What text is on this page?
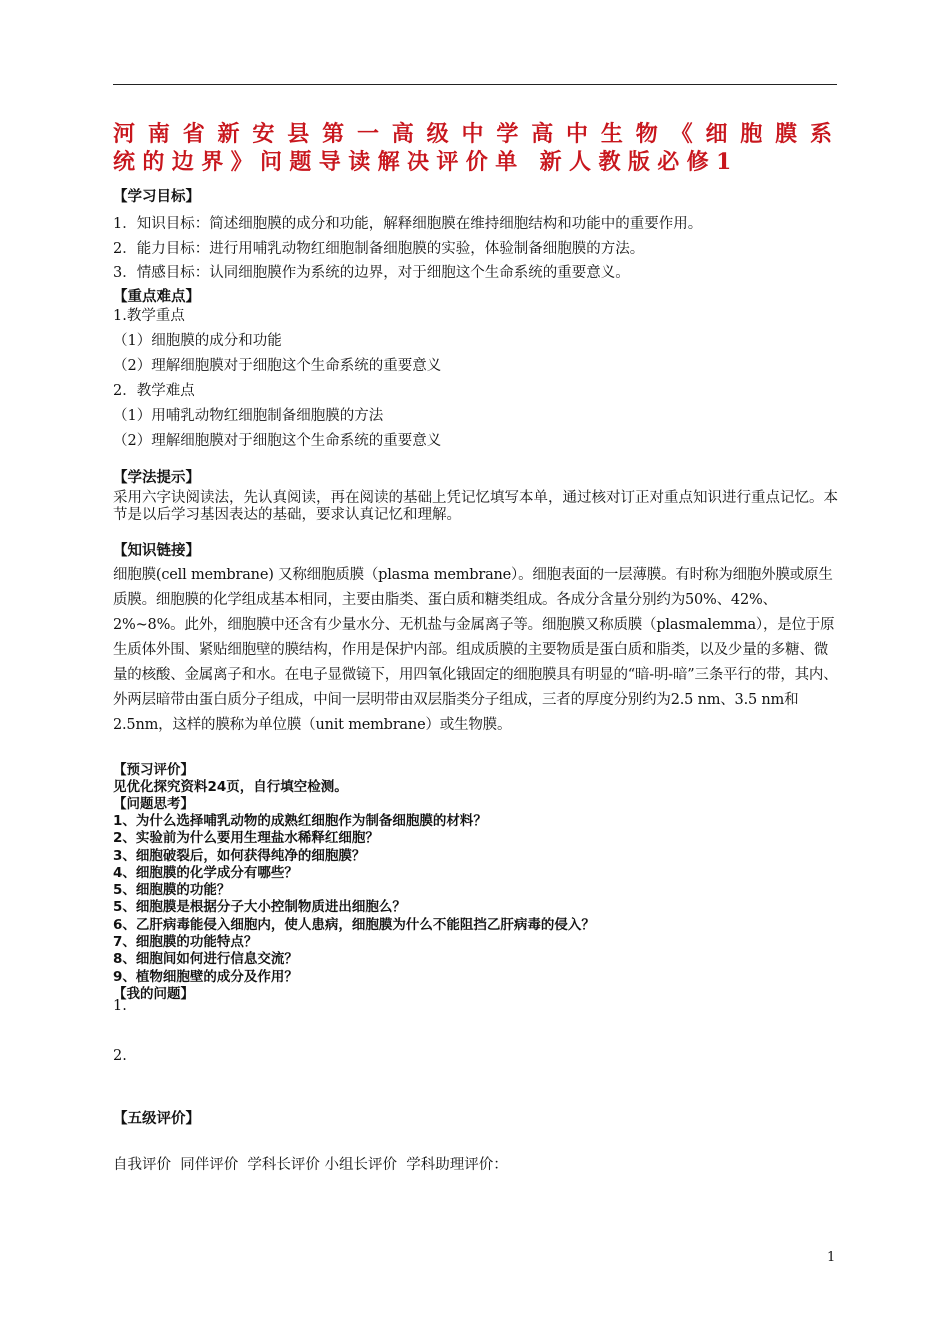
河南省新安县第一高级中学高中生物《细胞膜系
统的边界》问题导读解决评价单 新人教版必修1
【学习目标】
1．知识目标：简述细胞膜的成分和功能，解释细胞膜在维持细胞结构和功能中的重要作用。
2．能力目标：进行用哺乳动物红细胞制备细胞膜的实验，体验制备细胞膜的方法。
3．情感目标：认同细胞膜作为系统的边界，对于细胞这个生命系统的重要意义。
【重点难点】
1.教学重点
（1）细胞膜的成分和功能
（2）理解细胞膜对于细胞这个生命系统的重要意义
2．教学难点
（1）用哺乳动物红细胞制备细胞膜的方法
（2）理解细胞膜对于细胞这个生命系统的重要意义
【学法提示】
采用六字诀阅读法，先认真阅读，再在阅读的基础上凭记忆填写本单，通过核对订正对重点知识进行重点记忆。本节是以后学习基因表达的基础，要求认真记忆和理解。
【知识链接】
细胞膜(cell membrane) 又称细胞质膜（plasma membrane）。细胞表面的一层薄膜。有时称为细胞外膜或原生质膜。细胞膜的化学组成基本相同，主要由脂类、蛋白质和糖类组成。各成分含量分别约为50%、42%、2%~8%。此外，细胞膜中还含有少量水分、无机盐与金属离子等。细胞膜又称质膜（plasmalemma），是位于原生质体外围、紧贴细胞壁的膜结构，作用是保护内部。组成质膜的主要物质是蛋白质和脂类，以及少量的多糖、微量的核酸、金属离子和水。在电子显微镜下，用四氧化锇固定的细胞膜具有明显的“暗-明-暗”三条平行的带，其内、外两层暗带由蛋白质分子组成，中间一层明带由双层脂类分子组成，三者的厚度分别约为2.5 nm、3.5 nm和2.5nm，这样的膜称为单位膜（unit membrane）或生物膜。
【预习评价】
见优化探究资料24页，自行填空检测。
【问题思考】
1、为什么选择哺乳动物的成熟红细胞作为制备细胞膜的材料？
2、实验前为什么要用生理盐水稀释红细胞？
3、细胞破裂后，如何获得纯净的细胞膜？
4、细胞膜的化学成分有哪些？
5、细胞膜的功能？
5、细胞膜是根据分子大小控制物质进出细胞么？
6、乙肝病毒能侵入细胞内，使人患病，细胞膜为什么不能阻挡乙肝病毒的侵入？
7、细胞膜的功能特点？
8、细胞间如何进行信息交流？
9、植物细胞壁的成分及作用？
【我的问题】
1.
2.
【五级评价】
自我评价  同伴评价  学科长评价 小组长评价  学科助理评价：
1
